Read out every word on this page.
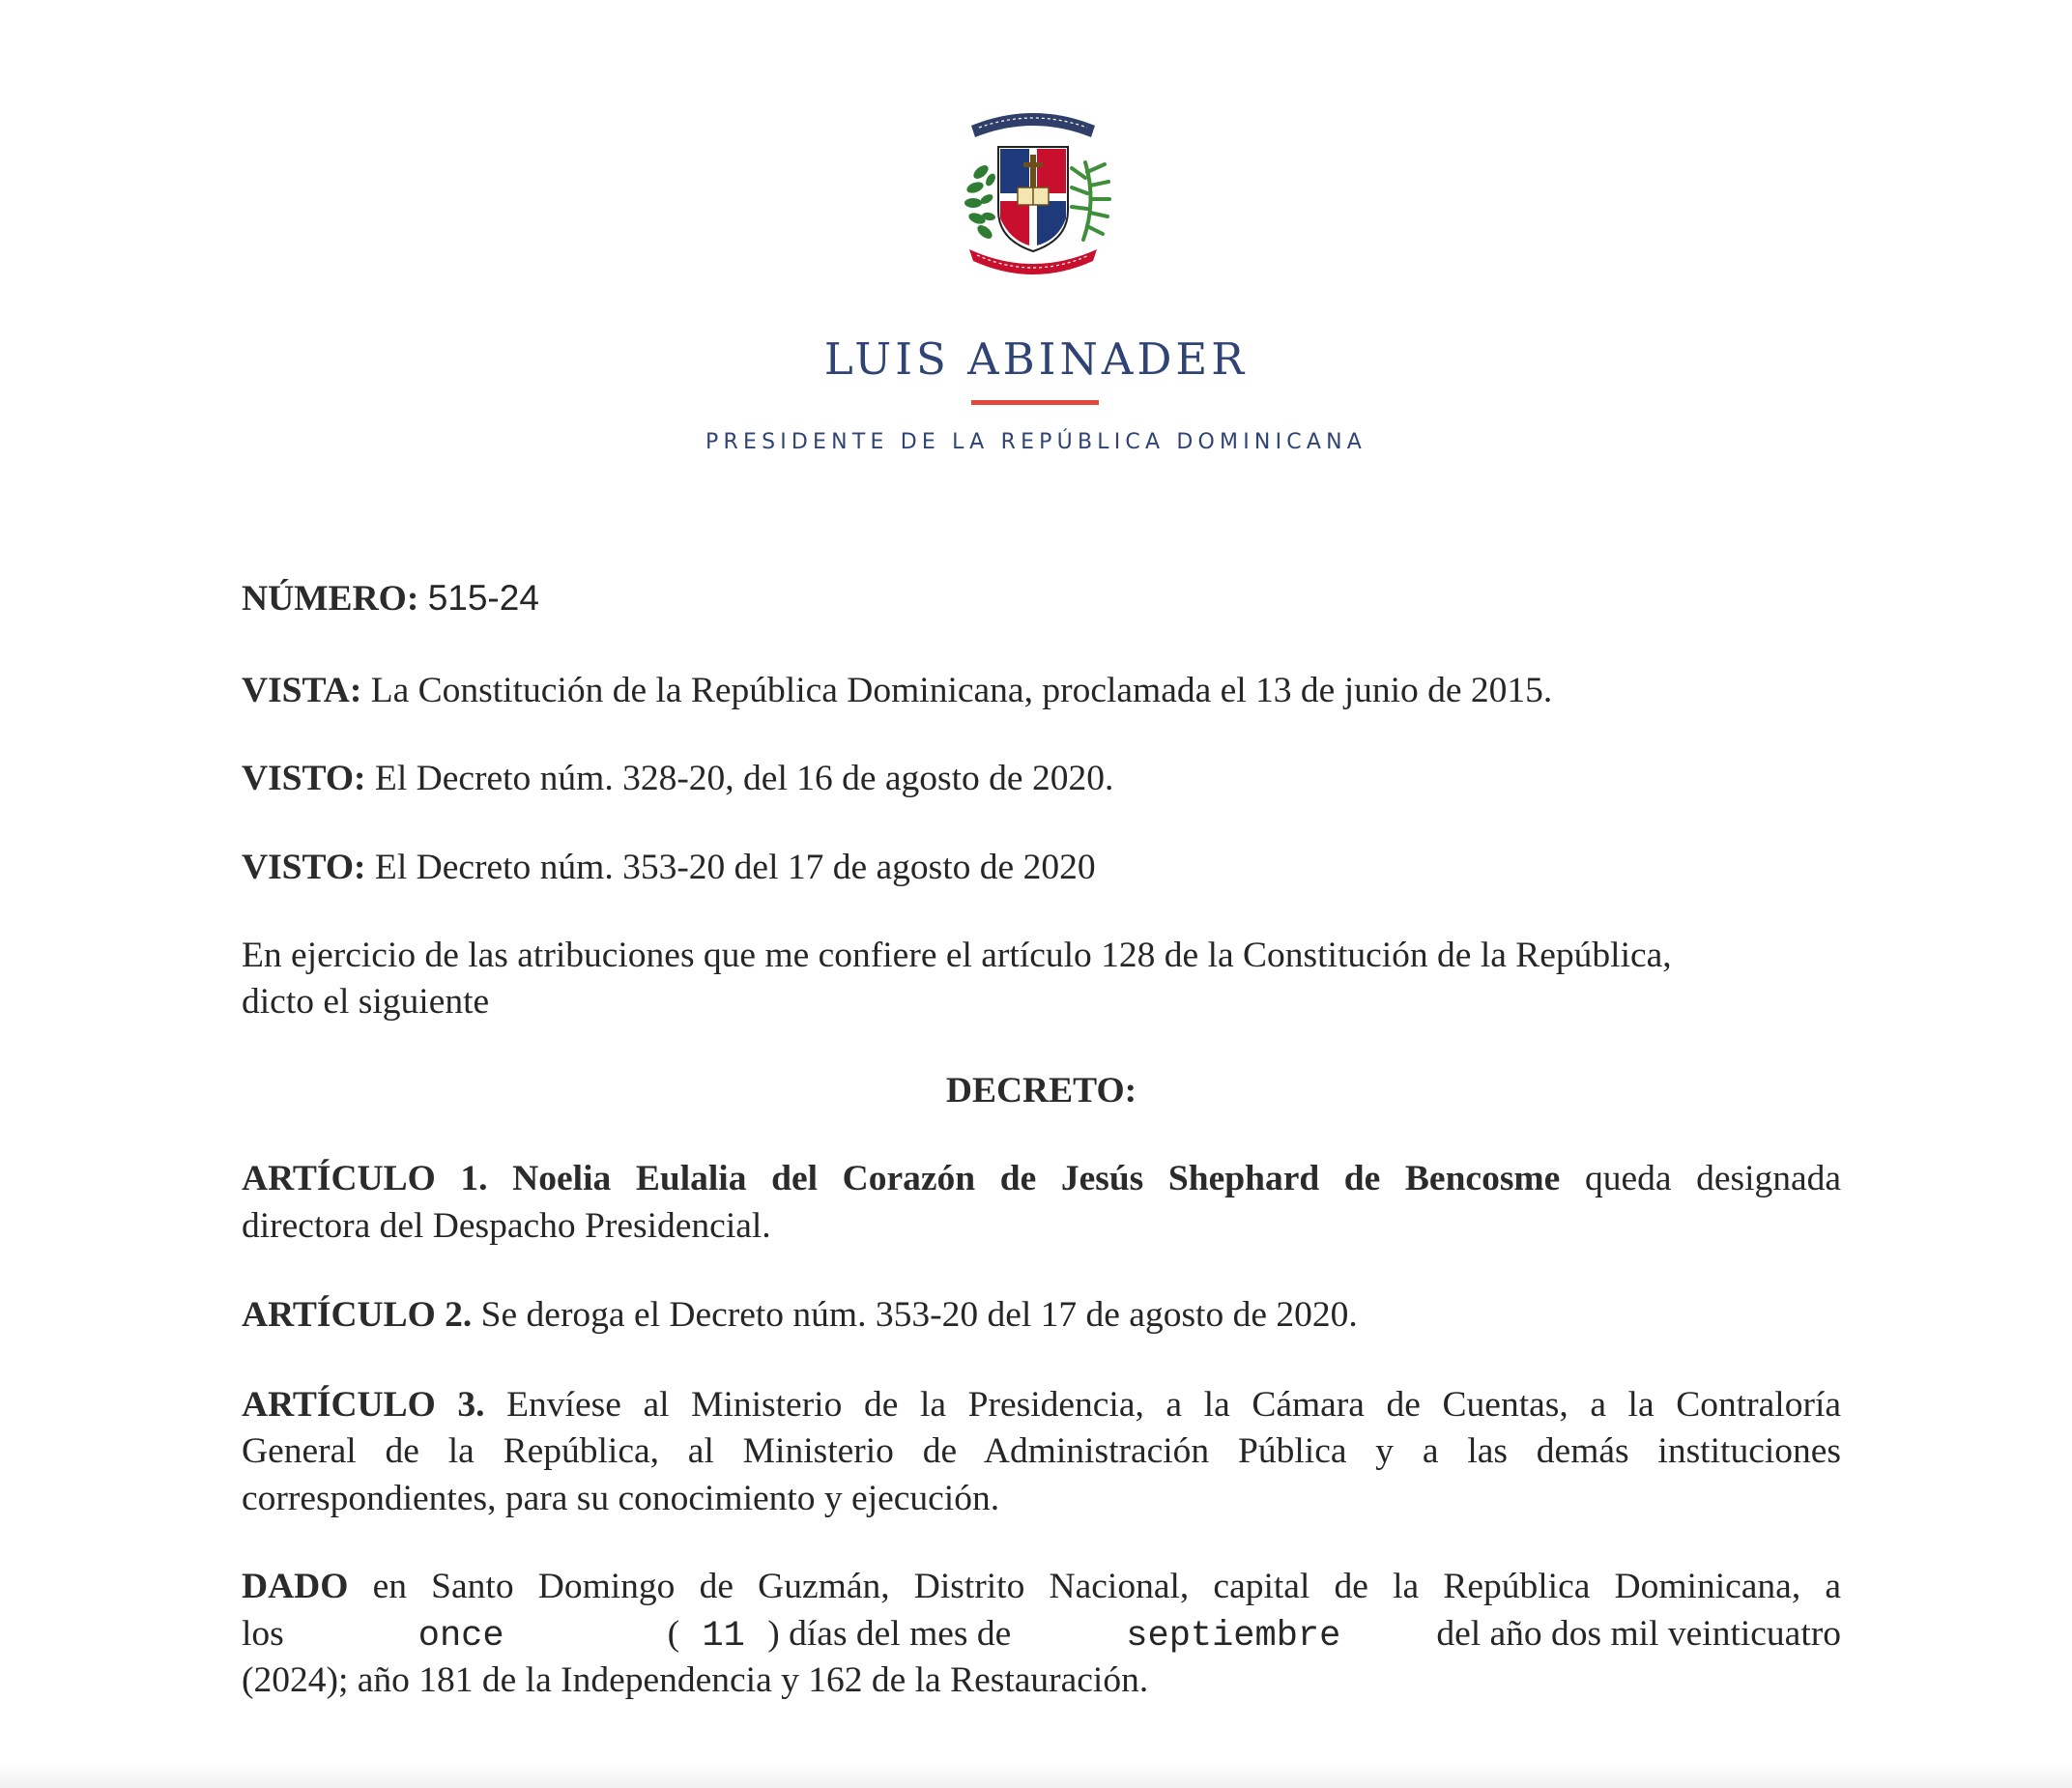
LUIS ABINADER
PRESIDENTE DE LA REPÚBLICA DOMINICANA
NÚMERO: 515-24
VISTA: La Constitución de la República Dominicana, proclamada el 13 de junio de 2015.
VISTO: El Decreto núm. 328-20, del 16 de agosto de 2020.
VISTO: El Decreto núm. 353-20 del 17 de agosto de 2020
En ejercicio de las atribuciones que me confiere el artículo 128 de la Constitución de la República,
dicto el siguiente
DECRETO:
ARTÍCULO 1. Noelia Eulalia del Corazón de Jesús Shephard de Bencosme queda designada
directora del Despacho Presidencial.
ARTÍCULO 2. Se deroga el Decreto núm. 353-20 del 17 de agosto de 2020.
ARTÍCULO 3. Envíese al Ministerio de la Presidencia, a la Cámara de Cuentas, a la Contraloría
General de la República, al Ministerio de Administración Pública y a las demás instituciones
correspondientes, para su conocimiento y ejecución.
DADO en Santo Domingo de Guzmán, Distrito Nacional, capital de la República Dominicana, a
los	once	( 11 ) días del mes de	septiembre	del año dos mil veinticuatro
(2024); año 181 de la Independencia y 162 de la Restauración.
